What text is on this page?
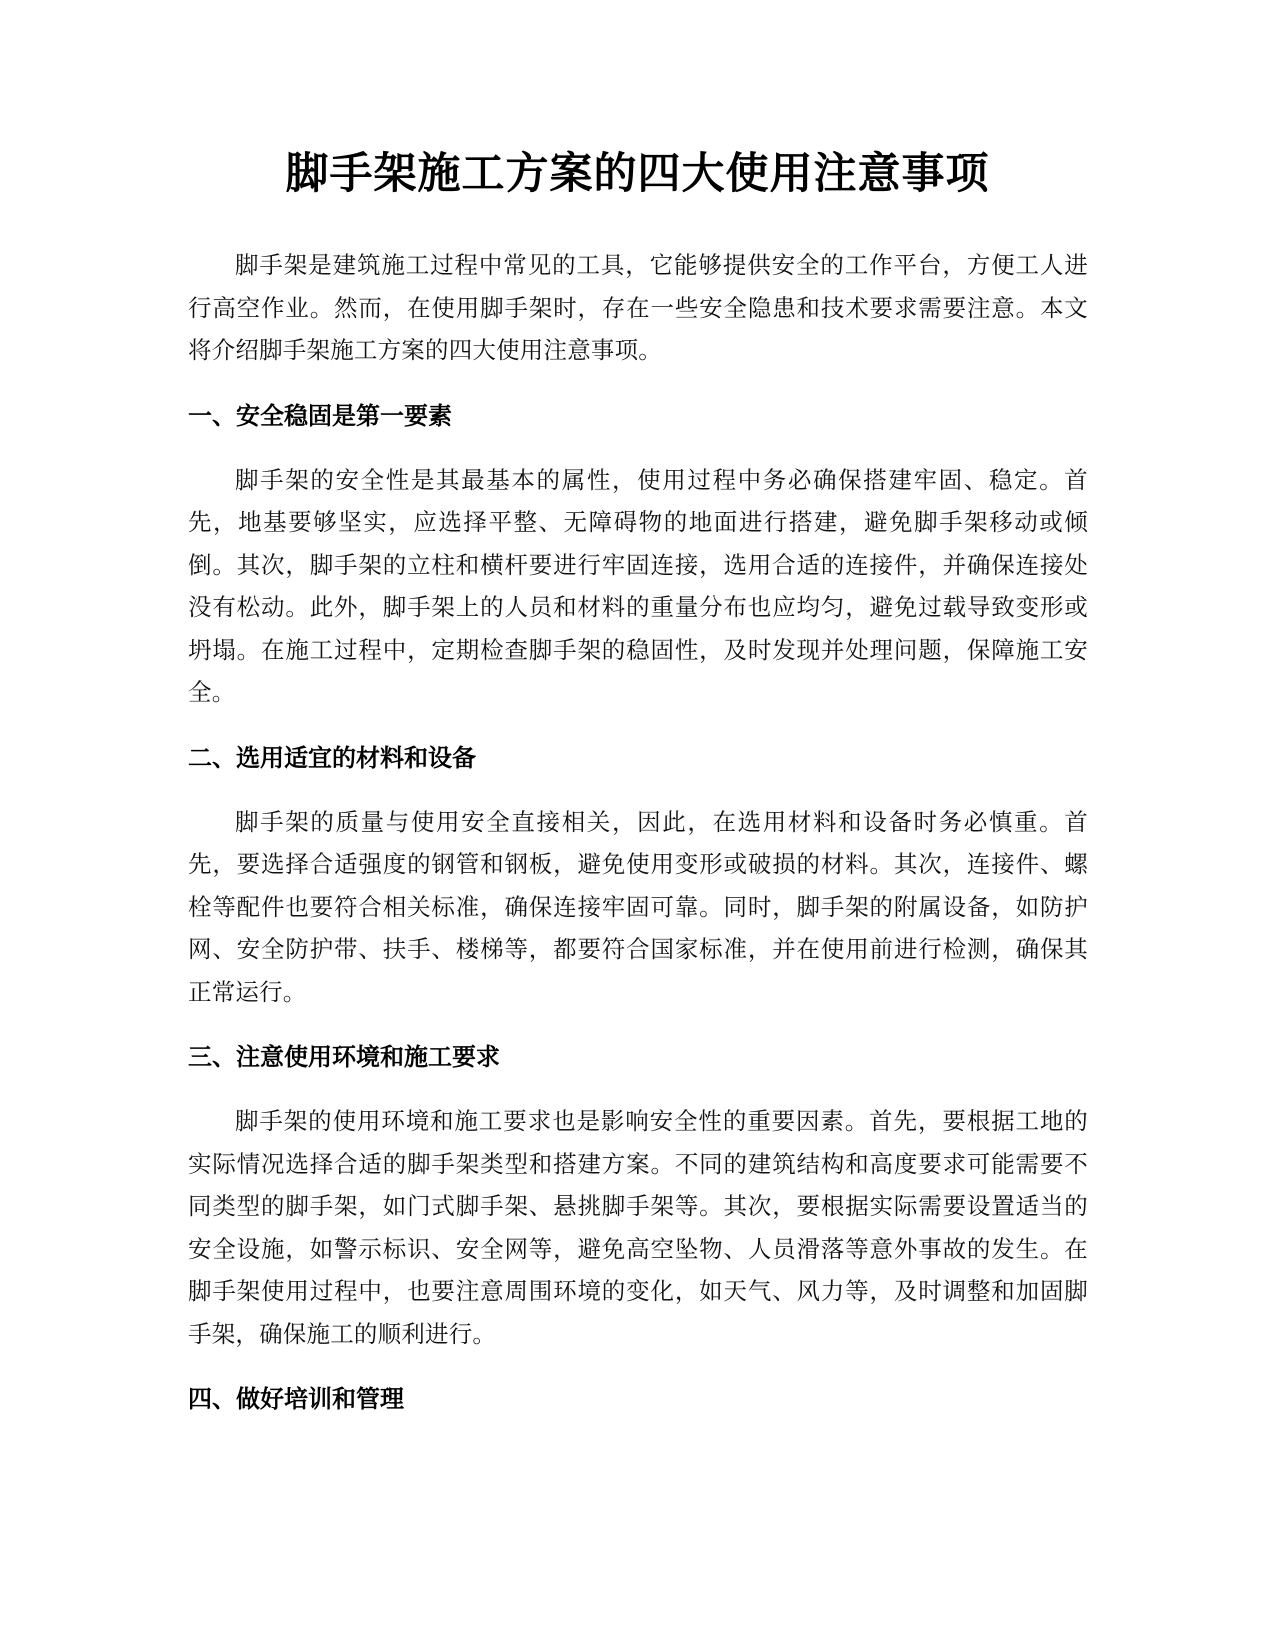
脚手架施工方案的四大使用注意事项

脚手架是建筑施工过程中常见的工具，它能够提供安全的工作平台，方便工人进行高空作业。然而，在使用脚手架时，存在一些安全隐患和技术要求需要注意。本文将介绍脚手架施工方案的四大使用注意事项。

一、安全稳固是第一要素

脚手架的安全性是其最基本的属性，使用过程中务必确保搭建牢固、稳定。首先，地基要够坚实，应选择平整、无障碍物的地面进行搭建，避免脚手架移动或倾倒。其次，脚手架的立柱和横杆要进行牢固连接，选用合适的连接件，并确保连接处没有松动。此外，脚手架上的人员和材料的重量分布也应均匀，避免过载导致变形或坍塌。在施工过程中，定期检查脚手架的稳固性，及时发现并处理问题，保障施工安全。

二、选用适宜的材料和设备

脚手架的质量与使用安全直接相关，因此，在选用材料和设备时务必慎重。首先，要选择合适强度的钢管和钢板，避免使用变形或破损的材料。其次，连接件、螺栓等配件也要符合相关标准，确保连接牢固可靠。同时，脚手架的附属设备，如防护网、安全防护带、扶手、楼梯等，都要符合国家标准，并在使用前进行检测，确保其正常运行。

三、注意使用环境和施工要求

脚手架的使用环境和施工要求也是影响安全性的重要因素。首先，要根据工地的实际情况选择合适的脚手架类型和搭建方案。不同的建筑结构和高度要求可能需要不同类型的脚手架，如门式脚手架、悬挑脚手架等。其次，要根据实际需要设置适当的安全设施，如警示标识、安全网等，避免高空坠物、人员滑落等意外事故的发生。在脚手架使用过程中，也要注意周围环境的变化，如天气、风力等，及时调整和加固脚手架，确保施工的顺利进行。

四、做好培训和管理
